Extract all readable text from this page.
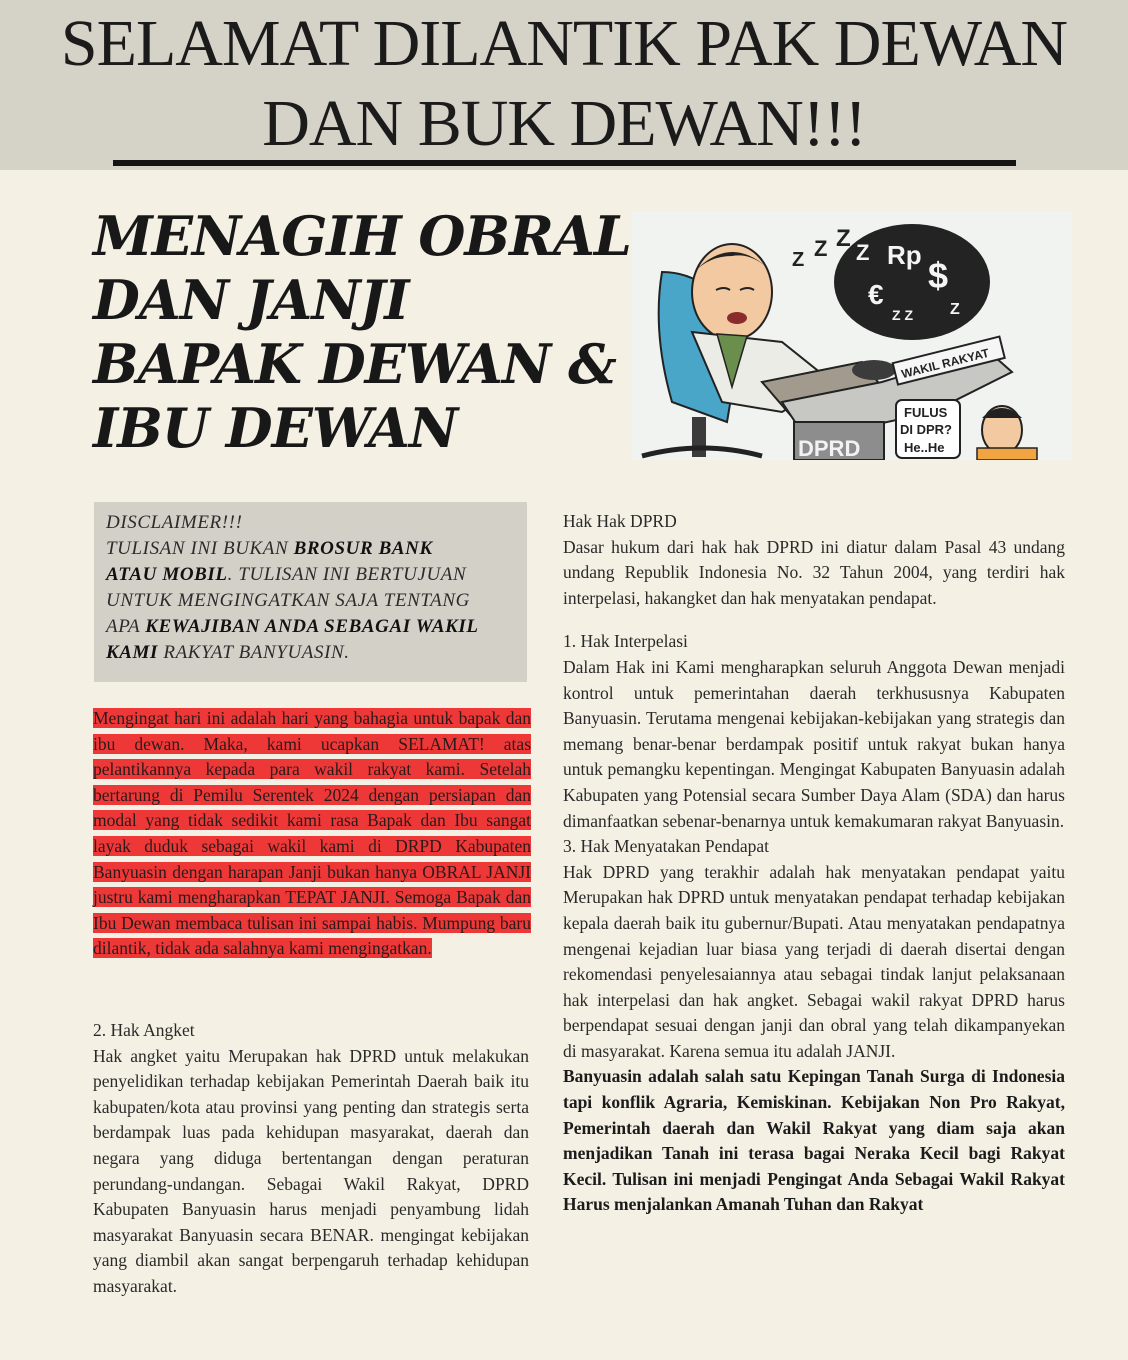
SELAMAT DILANTIK PAK DEWAN
DAN BUK DEWAN!!!
MENAGIH OBRAL
DAN JANJI
BAPAK DEWAN &
IBU DEWAN
Rp $
€
Z
Z
Z Z
Z Z Z
DPRD
WAKIL RAKYAT
FULUS
DI DPR?
He..He
DISCLAIMER!!!
TULISAN INI BUKAN BROSUR BANK
ATAU MOBIL. TULISAN INI BERTUJUAN
UNTUK MENGINGATKAN SAJA TENTANG
APA KEWAJIBAN ANDA SEBAGAI WAKIL
KAMI RAKYAT BANYUASIN.
Mengingat hari ini adalah hari yang bahagia untuk bapak dan ibu dewan. Maka, kami ucapkan SELAMAT! atas pelantikannya kepada para wakil rakyat kami. Setelah bertarung di Pemilu Serentek 2024 dengan persiapan dan modal yang tidak sedikit kami rasa Bapak dan Ibu sangat layak duduk sebagai wakil kami di DRPD Kabupaten Banyuasin dengan harapan Janji bukan hanya OBRAL JANJI justru kami mengharapkan TEPAT JANJI. Semoga Bapak dan Ibu Dewan membaca tulisan ini sampai habis. Mumpung baru dilantik, tidak ada salahnya kami mengingatkan.
2. Hak Angket
Hak angket yaitu Merupakan hak DPRD untuk melakukan penyelidikan terhadap kebijakan Pemerintah Daerah baik itu kabupaten/kota atau provinsi yang penting dan strategis serta berdampak luas pada kehidupan masyarakat, daerah dan negara yang diduga bertentangan dengan peraturan perundang-undangan. Sebagai Wakil Rakyat, DPRD Kabupaten Banyuasin harus menjadi penyambung lidah masyarakat Banyuasin secara BENAR. mengingat kebijakan yang diambil akan sangat berpengaruh terhadap kehidupan masyarakat.
Hak Hak DPRD
Dasar hukum dari hak hak DPRD ini diatur dalam Pasal 43 undang undang Republik Indonesia No. 32 Tahun 2004, yang terdiri hak interpelasi, hakangket dan hak menyatakan pendapat.
1. Hak Interpelasi
Dalam Hak ini Kami mengharapkan seluruh Anggota Dewan menjadi kontrol untuk pemerintahan daerah terkhususnya Kabupaten Banyuasin. Terutama mengenai kebijakan-kebijakan yang strategis dan memang benar-benar berdampak positif untuk rakyat bukan hanya untuk pemangku kepentingan. Mengingat Kabupaten Banyuasin adalah Kabupaten yang Potensial secara Sumber Daya Alam (SDA) dan harus dimanfaatkan sebenar-benarnya untuk kemakumaran rakyat Banyuasin.
3. Hak Menyatakan Pendapat
Hak DPRD yang terakhir adalah hak menyatakan pendapat yaitu Merupakan hak DPRD untuk menyatakan pendapat terhadap kebijakan kepala daerah baik itu gubernur/Bupati. Atau menyatakan pendapatnya mengenai kejadian luar biasa yang terjadi di daerah disertai dengan rekomendasi penyelesaiannya atau sebagai tindak lanjut pelaksanaan hak interpelasi dan hak angket. Sebagai wakil rakyat DPRD harus berpendapat sesuai dengan janji dan obral yang telah dikampanyekan di masyarakat. Karena semua itu adalah JANJI.
Banyuasin adalah salah satu Kepingan Tanah Surga di Indonesia tapi konflik Agraria, Kemiskinan. Kebijakan Non Pro Rakyat, Pemerintah daerah dan Wakil Rakyat yang diam saja akan menjadikan Tanah ini terasa bagai Neraka Kecil bagi Rakyat Kecil. Tulisan ini menjadi Pengingat Anda Sebagai Wakil Rakyat Harus menjalankan Amanah Tuhan dan Rakyat
